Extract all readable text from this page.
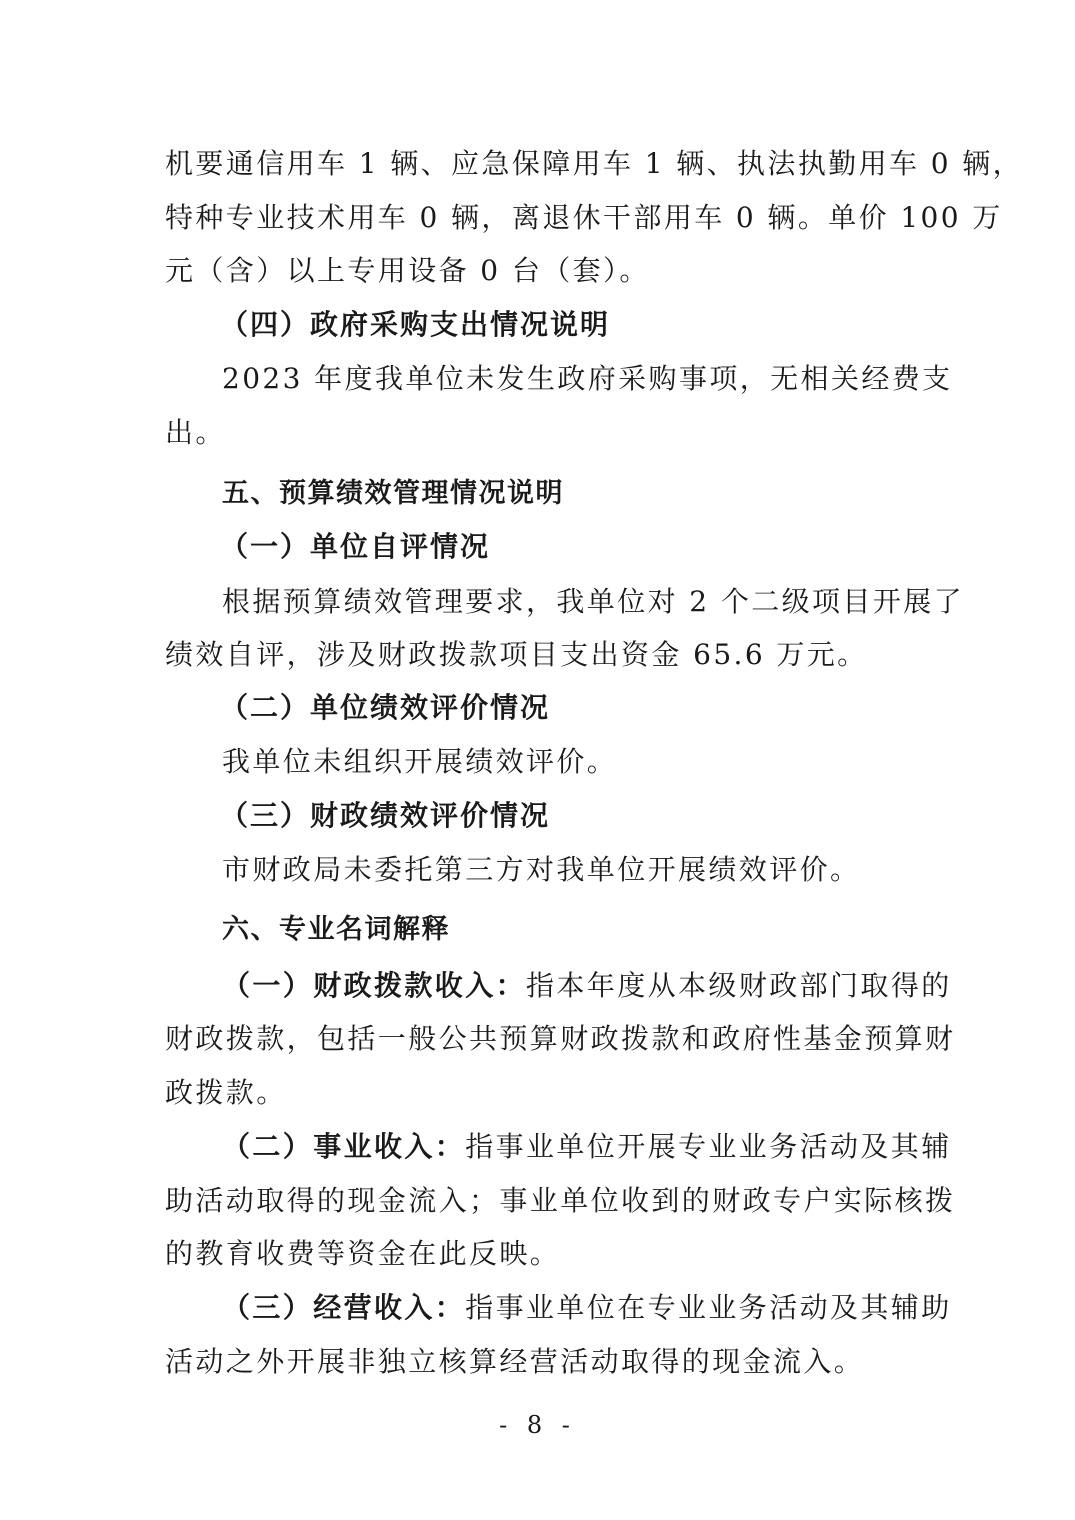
机要通信用车 1 辆、应急保障用车 1 辆、执法执勤用车 0 辆，

特种专业技术用车 0 辆，离退休干部用车 0 辆。单价 100 万

元（含）以上专用设备 0 台（套）。

（四）政府采购支出情况说明

2023 年度我单位未发生政府采购事项，无相关经费支

出。

五、预算绩效管理情况说明

（一）单位自评情况

根据预算绩效管理要求，我单位对 2 个二级项目开展了

绩效自评，涉及财政拨款项目支出资金 65.6 万元。

（二）单位绩效评价情况

我单位未组织开展绩效评价。

（三）财政绩效评价情况

市财政局未委托第三方对我单位开展绩效评价。

六、专业名词解释

（一）财政拨款收入：指本年度从本级财政部门取得的

财政拨款，包括一般公共预算财政拨款和政府性基金预算财

政拨款。

（二）事业收入：指事业单位开展专业业务活动及其辅

助活动取得的现金流入；事业单位收到的财政专户实际核拨

的教育收费等资金在此反映。

（三）经营收入：指事业单位在专业业务活动及其辅助

活动之外开展非独立核算经营活动取得的现金流入。

- 8 -
